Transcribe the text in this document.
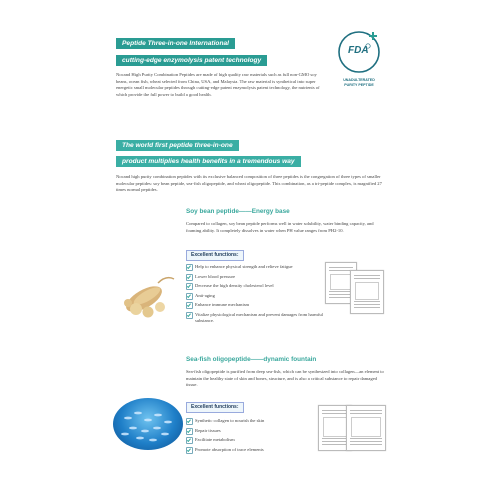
Peptide Three-in-one International
cutting-edge enzymolysis patent technology
Nocand High Purity Combination Peptides are made of high quality raw materials such as full non-GMO soy beans, ocean fish, wheat selected from China, USA, and Malaysia. The raw material is synthetical into super energetic small molecular peptides through cutting-edge patent enzymolysis patent technology, the nutrients of which provide the full power to build a good health.
FDA
UNADULTERATED
PURITY PEPTIDE
The world first peptide three-in-one
product multiplies health benefits in a tremendous way
Nocand high purity combination peptides with its exclusive balanced composition of three peptides is the congregation of three types of smaller molecular peptides: soy bean peptide, sea-fish oligopeptide, and wheat oligopeptide. This combination, as a tri-peptide complex, is magnified 27 times normal peptides.
Soy bean peptide——Energy base
Compared to collagen, soy bean peptide performs well in water solubility, water binding capacity, and foaming ability. It completely dissolves in water when PH value ranges from PH2-10.
Excellent functions:
Help to enhance physical strength and relieve fatigue
Lower blood pressure
Decrease the high density cholesterol level
Anti-aging
Enhance immune mechanism
Vitalize physiological mechanism and prevent damages from harmful substance.
Sea-fish oligopeptide——dynamic fountain
Sea-fish oligopeptide is purified from deep sea-fish, which can be synthesized into collagen—an element to maintain the healthy state of skin and bones, structure, and is also a critical substance to repair damaged tissue.
Excellent functions:
Synthetic collagen to nourish the skin
Repair tissues
Facilitate metabolism
Promote absorption of trace elements
